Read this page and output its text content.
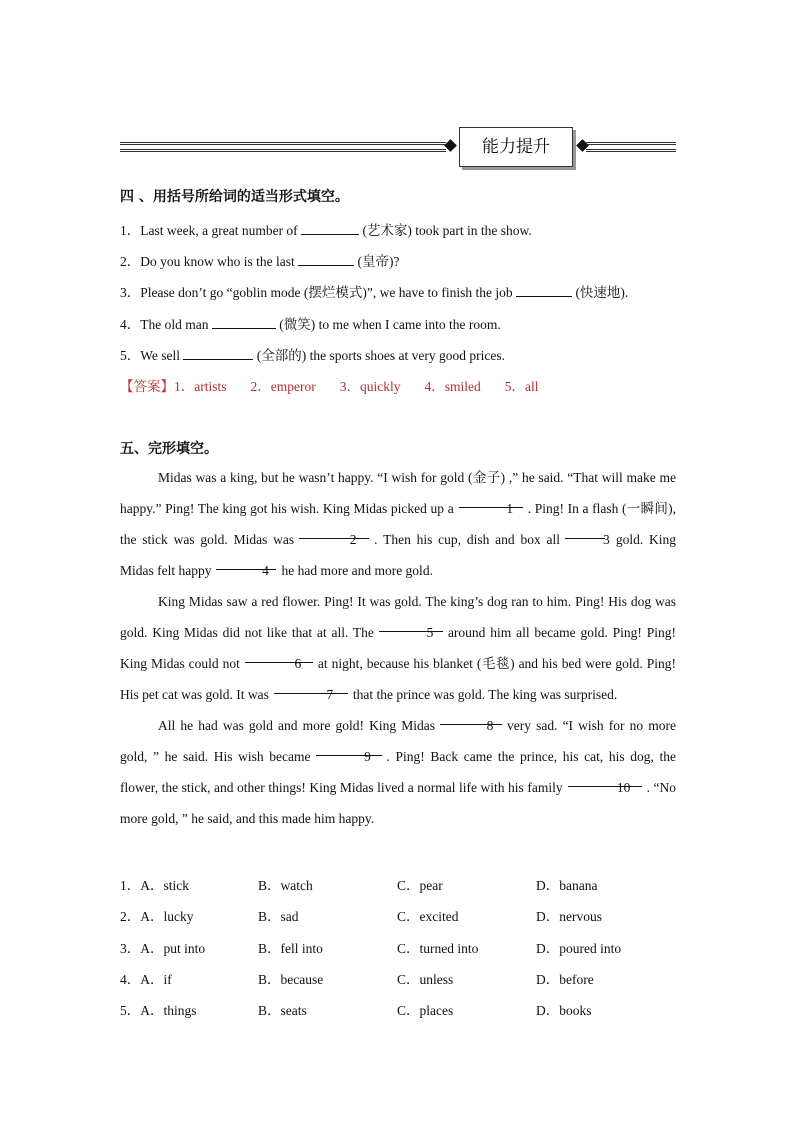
能力提升
四 、用括号所给词的适当形式填空。
1．Last week, a great number of	(艺术家) took part in the show.
2．Do you know who is the last	(皇帝)?
3．Please don’t go “goblin mode (摆烂模式)”, we have to finish the job	(快速地).
4．The old man	(微笑) to me when I came into the room.
5．We sell	(全部的) the sports shoes at very good prices.
【答案】1．artists 2．emperor 3．quickly 4．smiled 5．all
五、完形填空。

Midas was a king, but he wasn’t happy. “I wish for gold (金子) ,” he said. “That will make me happy.” Ping! The king got his wish. King Midas picked up a	1 . Ping! In a flash (一瞬间), the stick was gold. Midas was	2 . Then his cup, dish and box all	3 gold. King Midas felt happy	4 he had more and more gold.

King Midas saw a red flower. Ping! It was gold. The king’s dog ran to him. Ping! His dog was gold. King Midas did not like that at all. The	5 around him all became gold. Ping! Ping! King Midas could not	6 at night, because his blanket (毛毯) and his bed were gold. Ping! His pet cat was gold. It was	7 that the prince was gold. The king was surprised.

All he had was gold and more gold! King Midas	8 very sad. “I wish for no more gold, ” he said. His wish became	9 . Ping! Back came the prince, his cat, his dog, the flower, the stick, and other things! King Midas lived a normal life with his family	10 . “No more gold, ” he said, and this made him happy.

1．A．stick	B．watch	C．pear	D．banana
2．A．lucky	B．sad	C．excited	D．nervous
3．A．put into	B．fell into	C．turned into	D．poured into
4．A．if	B．because	C．unless	D．before
5．A．things	B．seats	C．places	D．books
